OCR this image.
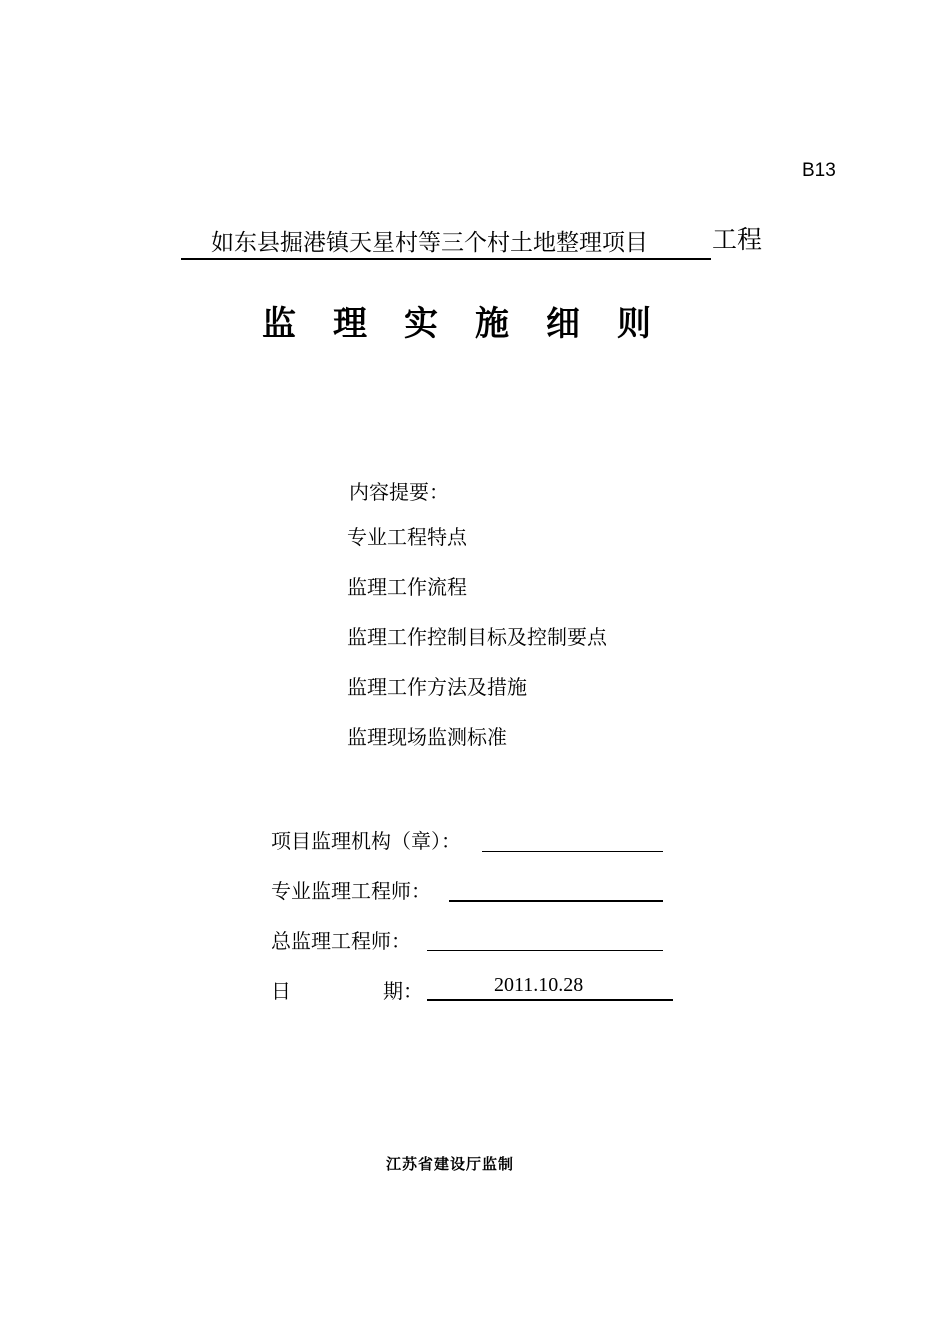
B13
如东县掘港镇天星村等三个村土地整理项目	工程
监理实施细则
内容提要：
专业工程特点
监理工作流程
监理工作控制目标及控制要点
监理工作方法及措施
监理现场监测标准
项目监理机构（章）：
专业监理工程师：
总监理工程师：
日	期：	2011.10.28
江苏省建设厅监制
